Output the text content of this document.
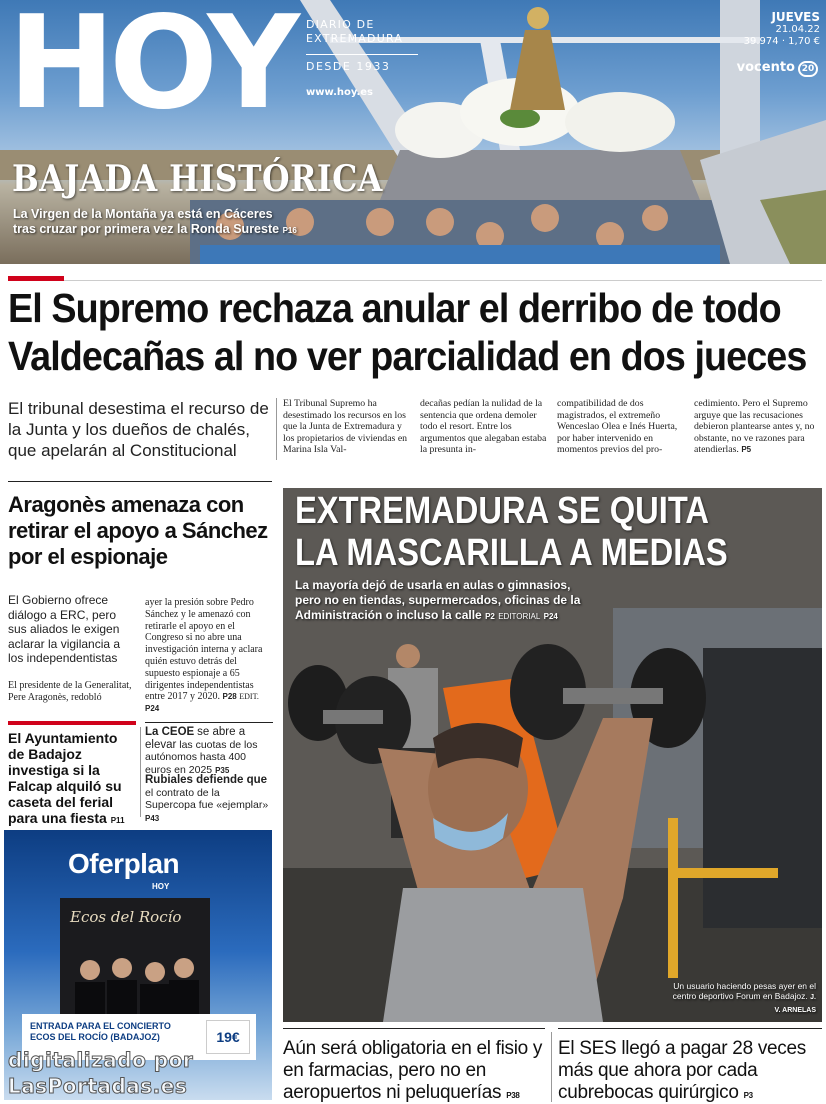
HOY DIARIO DE EXTREMADURA
DESDE 1933
www.hoy.es
JUEVES
21.04.22
39.974 · 1,70 €
vocento 20
BAJADA HISTÓRICA
La Virgen de la Montaña ya está en Cáceres
tras cruzar por primera vez la Ronda Sureste P16
El Supremo rechaza anular el derribo de todo
Valdecañas al no ver parcialidad en dos jueces
El tribunal desestima el recurso de la Junta y los dueños de chalés, que apelarán al Constitucional
El Tribunal Supremo ha desestimado los recursos en los que la Junta de Extremadura y los propietarios de viviendas en Marina Isla Val-
decañas pedían la nulidad de la sentencia que ordena demoler todo el resort. Entre los argumentos que alegaban estaba la presunta in-
compatibilidad de dos magistrados, el extremeño Wenceslao Olea e Inés Huerta, por haber intervenido en momentos previos del pro-
cedimiento. Pero el Supremo arguye que las recusaciones debieron plantearse antes y, no obstante, no ve razones para atendierlas. P5
Aragonès amenaza con retirar el apoyo a Sánchez por el espionaje
El Gobierno ofrece diálogo a ERC, pero sus aliados le exigen aclarar la vigilancia a los independentistas
El presidente de la Generalitat, Pere Aragonès, redobló
ayer la presión sobre Pedro Sánchez y le amenazó con retirarle el apoyo en el Congreso si no abre una investigación interna y aclara quién estuvo detrás del supuesto espionaje a 65 dirigentes independentistas entre 2017 y 2020. P28 EDIT. P24
El Ayuntamiento de Badajoz investiga si la Falcap alquiló su caseta del ferial para una fiesta P11
La CEOE se abre a elevar las cuotas de los autónomos hasta 400 euros en 2025 P35
Rubiales defiende que el contrato de la Supercopa fue «ejemplar» P43
Oferplan
HOY
Ecos del Rocío
ENTRADA PARA EL CONCIERTO ECOS DEL ROCÍO (BADAJOZ)	19€
digitalizado por
LasPortadas.es
EXTREMADURA SE QUITA
LA MASCARILLA A MEDIAS
La mayoría dejó de usarla en aulas o gimnasios, pero no en tiendas, supermercados, oficinas de la Administración o incluso la calle P2 EDITORIAL P24
Un usuario haciendo pesas ayer en el centro deportivo Forum en Badajoz. J. V. ARNELAS
Aún será obligatoria en el fisio y en farmacias, pero no en aeropuertos ni peluquerías P38
El SES llegó a pagar 28 veces más que ahora por cada cubrebocas quirúrgico P3
